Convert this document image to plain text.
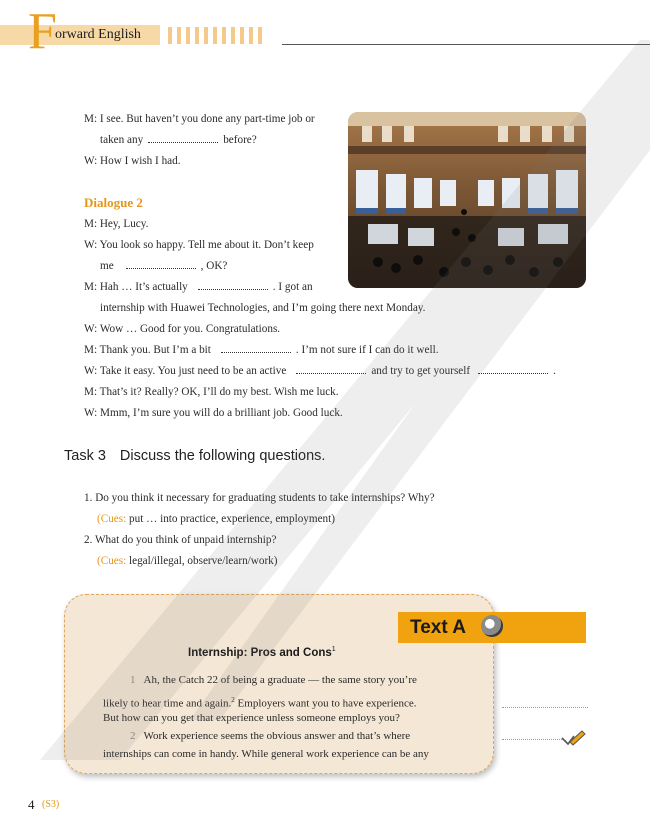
F
orward English
M: I see. But haven’t you done any part-time job or
taken any	before?
W: How I wish I had.
Dialogue 2
M: Hey, Lucy.
W: You look so happy. Tell me about it. Don’t keep
me	, OK?
M: Hah … It’s actually	. I got an
internship with Huawei Technologies, and I’m going there next Monday.
W: Wow … Good for you. Congratulations.
M: Thank you. But I’m a bit	. I’m not sure if I can do it well.
W: Take it easy. You just need to be an active	and try to get yourself	.
M: That’s it? Really? OK, I’ll do my best. Wish me luck.
W: Mmm, I’m sure you will do a brilliant job. Good luck.
Task 3 Discuss the following questions.
1. Do you think it necessary for graduating students to take internships? Why?
(Cues: put … into practice, experience, employment)
2. What do you think of unpaid internship?
(Cues: legal/illegal, observe/learn/work)
Text A
Internship: Pros and Cons$^1$
1 Ah, the Catch 22 of being a graduate — the same story you’re
likely to hear time and again.$^2$ Employers want you to have experience.
But how can you get that experience unless someone employs you?
2 Work experience seems the obvious answer and that’s where
internships can come in handy. While general work experience can be any
4 (S3)
